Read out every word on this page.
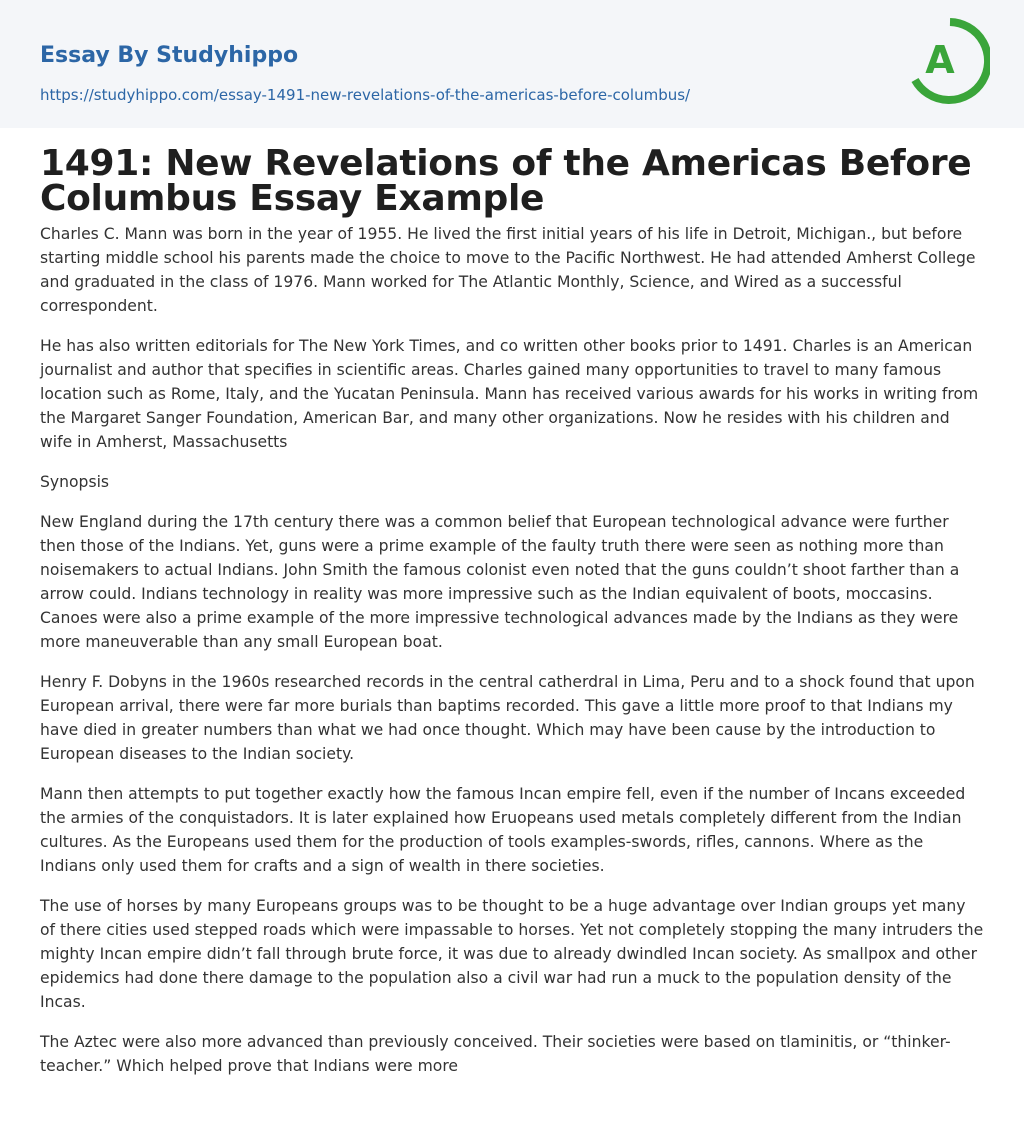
Essay By Studyhippo
https://studyhippo.com/essay-1491-new-revelations-of-the-americas-before-columbus/
A
1491: New Revelations of the Americas Before Columbus Essay Example

Charles C. Mann was born in the year of 1955. He lived the first initial years of his life in Detroit, Michigan., but before starting middle school his parents made the choice to move to the Pacific Northwest. He had attended Amherst College and graduated in the class of 1976. Mann worked for The Atlantic Monthly, Science, and Wired as a successful correspondent.

He has also written editorials for The New York Times, and co written other books prior to 1491. Charles is an American journalist and author that specifies in scientific areas. Charles gained many opportunities to travel to many famous location such as Rome, Italy, and the Yucatan Peninsula. Mann has received various awards for his works in writing from the Margaret Sanger Foundation, American Bar, and many other organizations. Now he resides with his children and wife in Amherst, Massachusetts

Synopsis

New England during the 17th century there was a common belief that European technological advance were further then those of the Indians. Yet, guns were a prime example of the faulty truth there were seen as nothing more than noisemakers to actual Indians. John Smith the famous colonist even noted that the guns couldn’t shoot farther than a arrow could. Indians technology in reality was more impressive such as the Indian equivalent of boots, moccasins. Canoes were also a prime example of the more impressive technological advances made by the Indians as they were more maneuverable than any small European boat.

Henry F. Dobyns in the 1960s researched records in the central catherdral in Lima, Peru and to a shock found that upon European arrival, there were far more burials than baptims recorded. This gave a little more proof to that Indians my have died in greater numbers than what we had once thought. Which may have been cause by the introduction to European diseases to the Indian society.

Mann then attempts to put together exactly how the famous Incan empire fell, even if the number of Incans exceeded the armies of the conquistadors. It is later explained how Eruopeans used metals completely different from the Indian cultures. As the Europeans used them for the production of tools examples-swords, rifles, cannons. Where as the Indians only used them for crafts and a sign of wealth in there societies.

The use of horses by many Europeans groups was to be thought to be a huge advantage over Indian groups yet many of there cities used stepped roads which were impassable to horses. Yet not completely stopping the many intruders the mighty Incan empire didn’t fall through brute force, it was due to already dwindled Incan society. As smallpox and other epidemics had done there damage to the population also a civil war had run a muck to the population density of the Incas.

The Aztec were also more advanced than previously conceived. Their societies were based on tlaminitis, or “thinker-teacher.” Which helped prove that Indians were more
